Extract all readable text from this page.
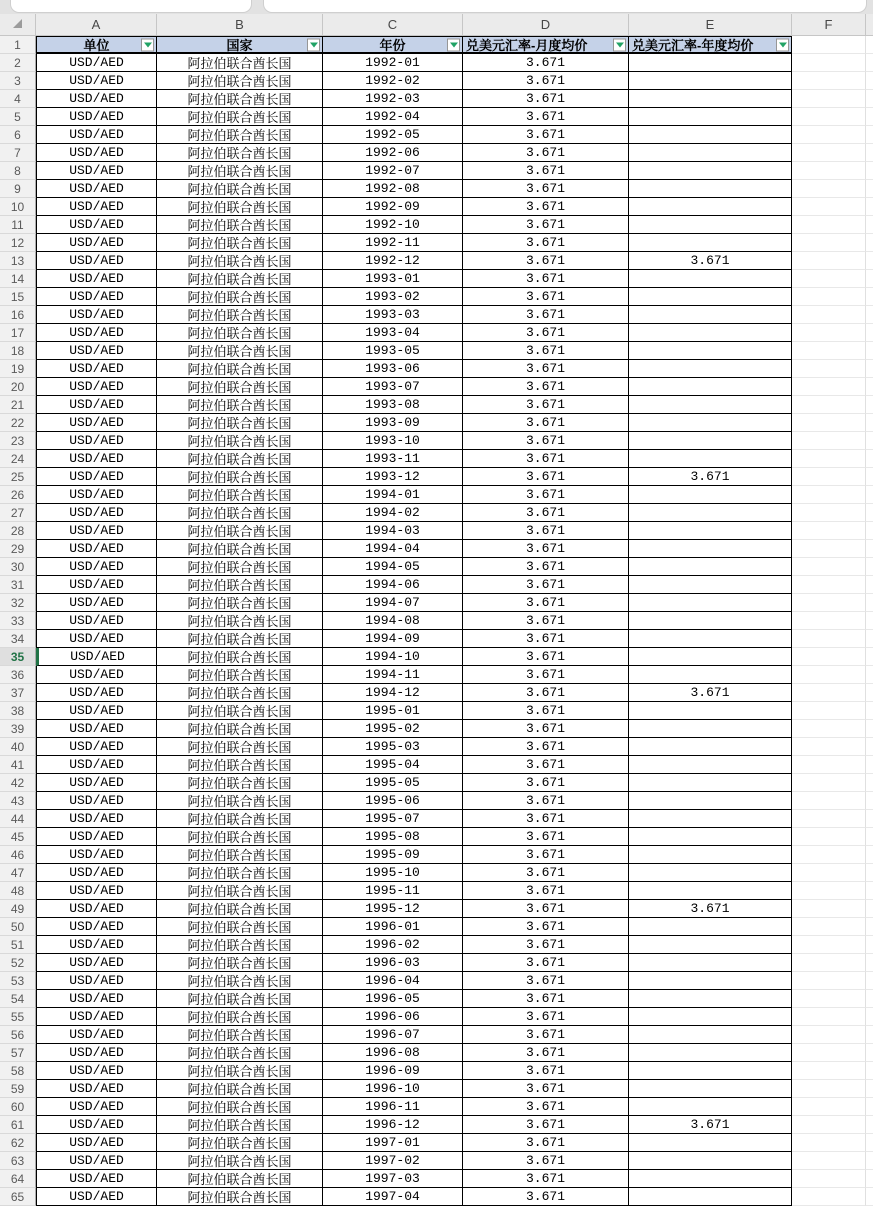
A	B	C	D	E	F
1	单位	国家	年份	兑美元汇率-月度均价	兑美元汇率-年度均价
2	USD/AED	阿拉伯联合酋长国	1992-01	3.671
3	USD/AED	阿拉伯联合酋长国	1992-02	3.671
4	USD/AED	阿拉伯联合酋长国	1992-03	3.671
5	USD/AED	阿拉伯联合酋长国	1992-04	3.671
6	USD/AED	阿拉伯联合酋长国	1992-05	3.671
7	USD/AED	阿拉伯联合酋长国	1992-06	3.671
8	USD/AED	阿拉伯联合酋长国	1992-07	3.671
9	USD/AED	阿拉伯联合酋长国	1992-08	3.671
10	USD/AED	阿拉伯联合酋长国	1992-09	3.671
11	USD/AED	阿拉伯联合酋长国	1992-10	3.671
12	USD/AED	阿拉伯联合酋长国	1992-11	3.671
13	USD/AED	阿拉伯联合酋长国	1992-12	3.671	3.671
14	USD/AED	阿拉伯联合酋长国	1993-01	3.671
15	USD/AED	阿拉伯联合酋长国	1993-02	3.671
16	USD/AED	阿拉伯联合酋长国	1993-03	3.671
17	USD/AED	阿拉伯联合酋长国	1993-04	3.671
18	USD/AED	阿拉伯联合酋长国	1993-05	3.671
19	USD/AED	阿拉伯联合酋长国	1993-06	3.671
20	USD/AED	阿拉伯联合酋长国	1993-07	3.671
21	USD/AED	阿拉伯联合酋长国	1993-08	3.671
22	USD/AED	阿拉伯联合酋长国	1993-09	3.671
23	USD/AED	阿拉伯联合酋长国	1993-10	3.671
24	USD/AED	阿拉伯联合酋长国	1993-11	3.671
25	USD/AED	阿拉伯联合酋长国	1993-12	3.671	3.671
26	USD/AED	阿拉伯联合酋长国	1994-01	3.671
27	USD/AED	阿拉伯联合酋长国	1994-02	3.671
28	USD/AED	阿拉伯联合酋长国	1994-03	3.671
29	USD/AED	阿拉伯联合酋长国	1994-04	3.671
30	USD/AED	阿拉伯联合酋长国	1994-05	3.671
31	USD/AED	阿拉伯联合酋长国	1994-06	3.671
32	USD/AED	阿拉伯联合酋长国	1994-07	3.671
33	USD/AED	阿拉伯联合酋长国	1994-08	3.671
34	USD/AED	阿拉伯联合酋长国	1994-09	3.671
35	USD/AED	阿拉伯联合酋长国	1994-10	3.671
36	USD/AED	阿拉伯联合酋长国	1994-11	3.671
37	USD/AED	阿拉伯联合酋长国	1994-12	3.671	3.671
38	USD/AED	阿拉伯联合酋长国	1995-01	3.671
39	USD/AED	阿拉伯联合酋长国	1995-02	3.671
40	USD/AED	阿拉伯联合酋长国	1995-03	3.671
41	USD/AED	阿拉伯联合酋长国	1995-04	3.671
42	USD/AED	阿拉伯联合酋长国	1995-05	3.671
43	USD/AED	阿拉伯联合酋长国	1995-06	3.671
44	USD/AED	阿拉伯联合酋长国	1995-07	3.671
45	USD/AED	阿拉伯联合酋长国	1995-08	3.671
46	USD/AED	阿拉伯联合酋长国	1995-09	3.671
47	USD/AED	阿拉伯联合酋长国	1995-10	3.671
48	USD/AED	阿拉伯联合酋长国	1995-11	3.671
49	USD/AED	阿拉伯联合酋长国	1995-12	3.671	3.671
50	USD/AED	阿拉伯联合酋长国	1996-01	3.671
51	USD/AED	阿拉伯联合酋长国	1996-02	3.671
52	USD/AED	阿拉伯联合酋长国	1996-03	3.671
53	USD/AED	阿拉伯联合酋长国	1996-04	3.671
54	USD/AED	阿拉伯联合酋长国	1996-05	3.671
55	USD/AED	阿拉伯联合酋长国	1996-06	3.671
56	USD/AED	阿拉伯联合酋长国	1996-07	3.671
57	USD/AED	阿拉伯联合酋长国	1996-08	3.671
58	USD/AED	阿拉伯联合酋长国	1996-09	3.671
59	USD/AED	阿拉伯联合酋长国	1996-10	3.671
60	USD/AED	阿拉伯联合酋长国	1996-11	3.671
61	USD/AED	阿拉伯联合酋长国	1996-12	3.671	3.671
62	USD/AED	阿拉伯联合酋长国	1997-01	3.671
63	USD/AED	阿拉伯联合酋长国	1997-02	3.671
64	USD/AED	阿拉伯联合酋长国	1997-03	3.671
65	USD/AED	阿拉伯联合酋长国	1997-04	3.671
